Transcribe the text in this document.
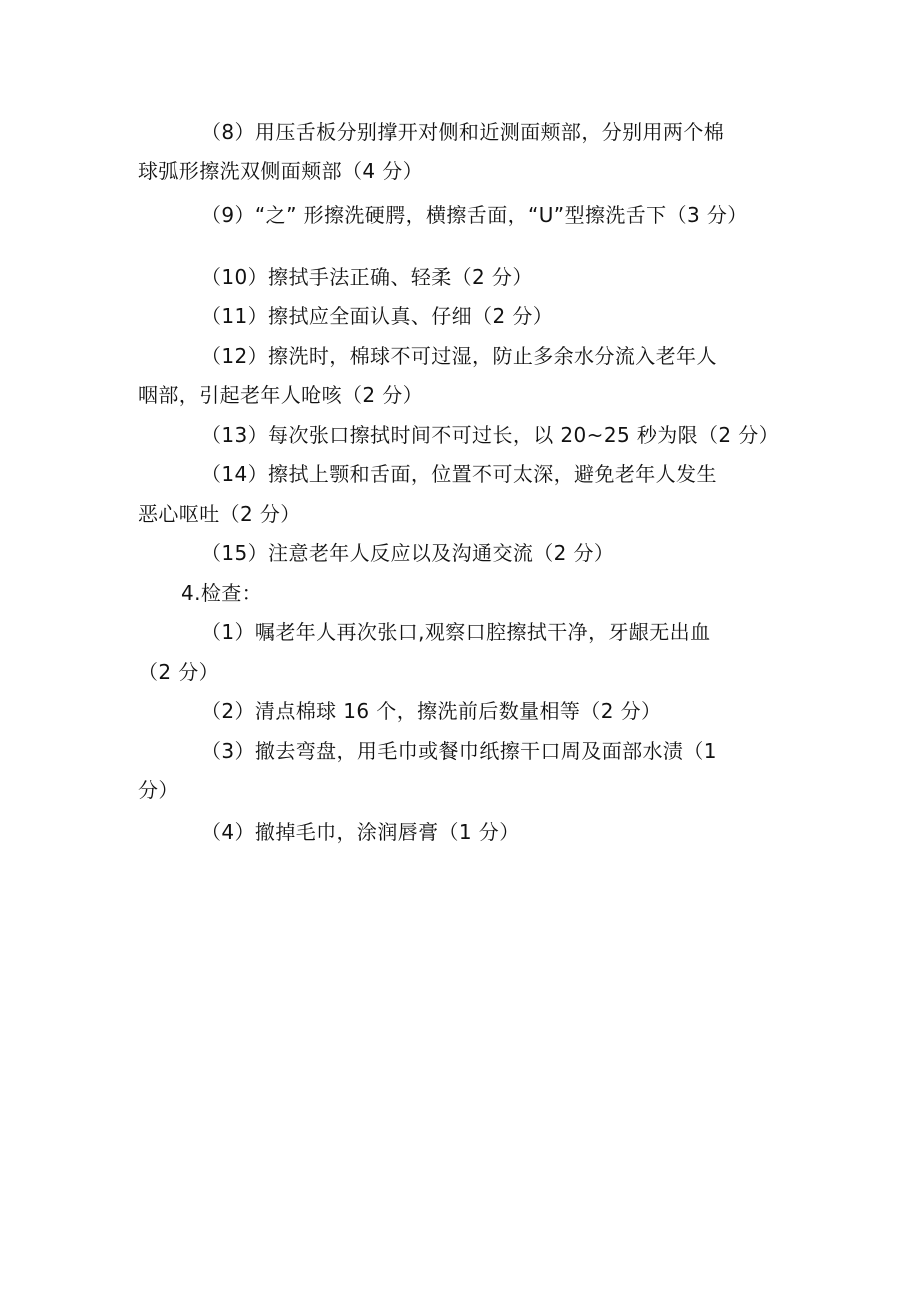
（8）用压舌板分别撑开对侧和近测面颊部，分别用两个棉
球弧形擦洗双侧面颊部（4 分）
（9）“之” 形擦洗硬腭，横擦舌面，“U”型擦洗舌下（3 分）
（10）擦拭手法正确、轻柔（2 分）
（11）擦拭应全面认真、仔细（2 分）
（12）擦洗时，棉球不可过湿，防止多余水分流入老年人
咽部，引起老年人呛咳（2 分）
（13）每次张口擦拭时间不可过长，以 20~25 秒为限（2 分）
（14）擦拭上颚和舌面，位置不可太深，避免老年人发生
恶心呕吐（2 分）
（15）注意老年人反应以及沟通交流（2 分）
4.检查：
（1）嘱老年人再次张口,观察口腔擦拭干净，牙龈无出血
（2 分）
（2）清点棉球 16 个，擦洗前后数量相等（2 分）
（3）撤去弯盘，用毛巾或餐巾纸擦干口周及面部水渍（1
分）
（4）撤掉毛巾，涂润唇膏（1 分）
